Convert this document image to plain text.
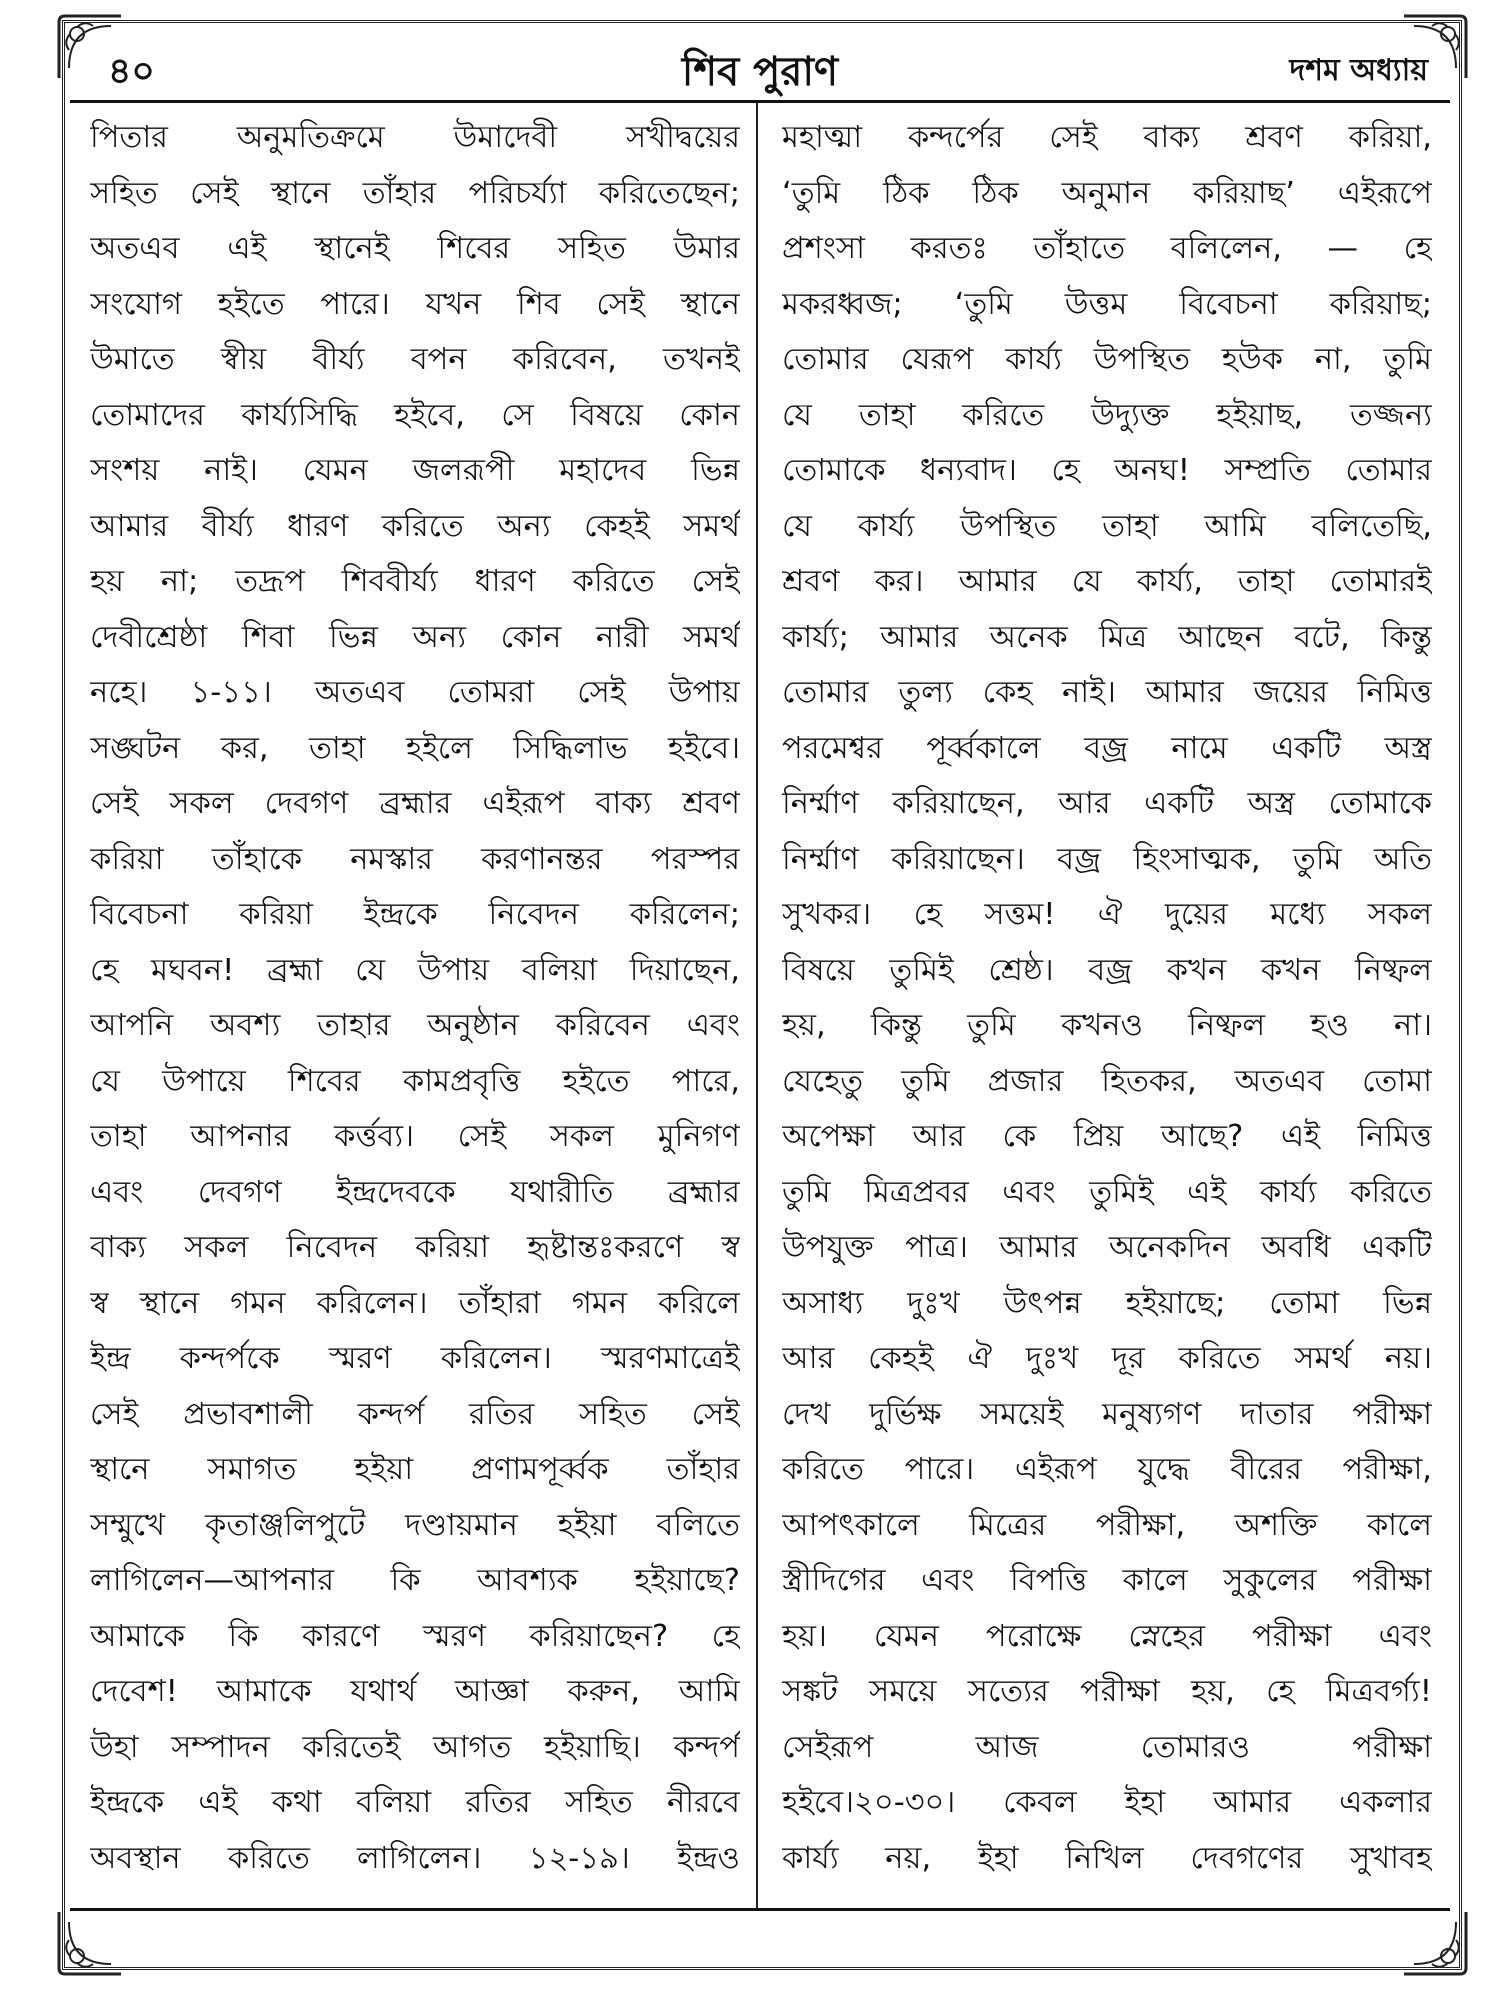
৪০	শিব পুরাণ	দশম অধ্যায়
পিতার অনুমতিক্রমে উমাদেবী সখীদ্বয়ের
সহিত সেই স্থানে তাঁহার পরিচর্য্যা করিতেছেন;
অতএব এই স্থানেই শিবের সহিত উমার
সংযোগ হইতে পারে। যখন শিব সেই স্থানে
উমাতে স্বীয় বীর্য্য বপন করিবেন, তখনই
তোমাদের কার্য্যসিদ্ধি হইবে, সে বিষয়ে কোন
সংশয় নাই। যেমন জলরূপী মহাদেব ভিন্ন
আমার বীর্য্য ধারণ করিতে অন্য কেহই সমর্থ
হয় না; তদ্রূপ শিববীর্য্য ধারণ করিতে সেই
দেবীশ্রেষ্ঠা শিবা ভিন্ন অন্য কোন নারী সমর্থ
নহে। ১-১১। অতএব তোমরা সেই উপায়
সঙ্ঘটন কর, তাহা হইলে সিদ্ধিলাভ হইবে।
সেই সকল দেবগণ ব্রহ্মার এইরূপ বাক্য শ্রবণ
করিয়া তাঁহাকে নমস্কার করণানন্তর পরস্পর
বিবেচনা করিয়া ইন্দ্রকে নিবেদন করিলেন;
হে মঘবন! ব্রহ্মা যে উপায় বলিয়া দিয়াছেন,
আপনি অবশ্য তাহার অনুষ্ঠান করিবেন এবং
যে উপায়ে শিবের কামপ্রবৃত্তি হইতে পারে,
তাহা আপনার কর্ত্তব্য। সেই সকল মুনিগণ
এবং দেবগণ ইন্দ্রদেবকে যথারীতি ব্রহ্মার
বাক্য সকল নিবেদন করিয়া হৃষ্টান্তঃকরণে স্ব
স্ব স্থানে গমন করিলেন। তাঁহারা গমন করিলে
ইন্দ্র কন্দর্পকে স্মরণ করিলেন। স্মরণমাত্রেই
সেই প্রভাবশালী কন্দর্প রতির সহিত সেই
স্থানে সমাগত হইয়া প্রণামপূর্ব্বক তাঁহার
সম্মুখে কৃতাঞ্জলিপুটে দণ্ডায়মান হইয়া বলিতে
লাগিলেন—আপনার কি আবশ্যক হইয়াছে?
আমাকে কি কারণে স্মরণ করিয়াছেন? হে
দেবেশ! আমাকে যথার্থ আজ্ঞা করুন, আমি
উহা সম্পাদন করিতেই আগত হইয়াছি। কন্দর্প
ইন্দ্রকে এই কথা বলিয়া রতির সহিত নীরবে
অবস্থান করিতে লাগিলেন। ১২-১৯। ইন্দ্রও
মহাত্মা কন্দর্পের সেই বাক্য শ্রবণ করিয়া,
‘তুমি ঠিক ঠিক অনুমান করিয়াছ’ এইরূপে
প্রশংসা করতঃ তাঁহাতে বলিলেন, — হে
মকরধ্বজ; ‘তুমি উত্তম বিবেচনা করিয়াছ;
তোমার যেরূপ কার্য্য উপস্থিত হউক না, তুমি
যে তাহা করিতে উদ্যুক্ত হইয়াছ, তজ্জন্য
তোমাকে ধন্যবাদ। হে অনঘ! সম্প্রতি তোমার
যে কার্য্য উপস্থিত তাহা আমি বলিতেছি,
শ্রবণ কর। আমার যে কার্য্য, তাহা তোমারই
কার্য্য; আমার অনেক মিত্র আছেন বটে, কিন্তু
তোমার তুল্য কেহ নাই। আমার জয়ের নিমিত্ত
পরমেশ্বর পূর্ব্বকালে বজ্র নামে একটি অস্ত্র
নির্ম্মাণ করিয়াছেন, আর একটি অস্ত্র তোমাকে
নির্ম্মাণ করিয়াছেন। বজ্র হিংসাত্মক, তুমি অতি
সুখকর। হে সত্তম! ঐ দুয়ের মধ্যে সকল
বিষয়ে তুমিই শ্রেষ্ঠ। বজ্র কখন কখন নিষ্ফল
হয়, কিন্তু তুমি কখনও নিষ্ফল হও না।
যেহেতু তুমি প্রজার হিতকর, অতএব তোমা
অপেক্ষা আর কে প্রিয় আছে? এই নিমিত্ত
তুমি মিত্রপ্রবর এবং তুমিই এই কার্য্য করিতে
উপযুক্ত পাত্র। আমার অনেকদিন অবধি একটি
অসাধ্য দুঃখ উৎপন্ন হইয়াছে; তোমা ভিন্ন
আর কেহই ঐ দুঃখ দূর করিতে সমর্থ নয়।
দেখ দুর্ভিক্ষ সময়েই মনুষ্যগণ দাতার পরীক্ষা
করিতে পারে। এইরূপ যুদ্ধে বীরের পরীক্ষা,
আপৎকালে মিত্রের পরীক্ষা, অশক্তি কালে
স্ত্রীদিগের এবং বিপত্তি কালে সুকুলের পরীক্ষা
হয়। যেমন পরোক্ষে স্নেহের পরীক্ষা এবং
সঙ্কট সময়ে সত্যের পরীক্ষা হয়, হে মিত্রবর্গ্য!
সেইরূপ আজ তোমারও পরীক্ষা
হইবে।২০-৩০। কেবল ইহা আমার একলার
কার্য্য নয়, ইহা নিখিল দেবগণের সুখাবহ
